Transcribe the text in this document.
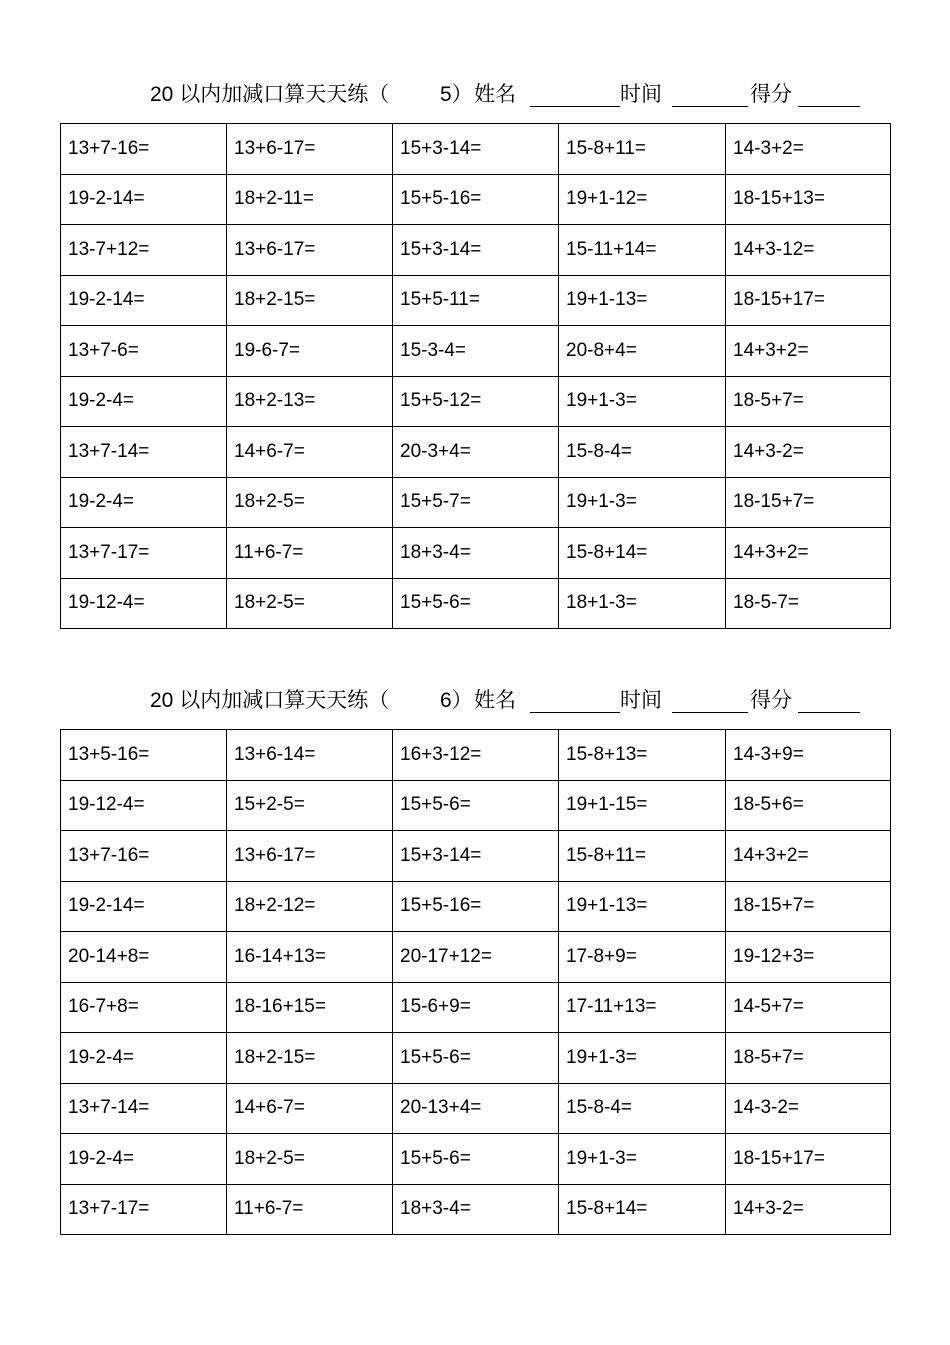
20 以内加减口算天天练（ 5） 姓名	时间	得分
13+7-16=	13+6-17=	15+3-14=	15-8+11=	14-3+2=
19-2-14=	18+2-11=	15+5-16=	19+1-12=	18-15+13=
13-7+12=	13+6-17=	15+3-14=	15-11+14=	14+3-12=
19-2-14=	18+2-15=	15+5-11=	19+1-13=	18-15+17=
13+7-6=	19-6-7=	15-3-4=	20-8+4=	14+3+2=
19-2-4=	18+2-13=	15+5-12=	19+1-3=	18-5+7=
13+7-14=	14+6-7=	20-3+4=	15-8-4=	14+3-2=
19-2-4=	18+2-5=	15+5-7=	19+1-3=	18-15+7=
13+7-17=	11+6-7=	18+3-4=	15-8+14=	14+3+2=
19-12-4=	18+2-5=	15+5-6=	18+1-3=	18-5-7=
20 以内加减口算天天练（ 6） 姓名	时间	得分
13+5-16=	13+6-14=	16+3-12=	15-8+13=	14-3+9=
19-12-4=	15+2-5=	15+5-6=	19+1-15=	18-5+6=
13+7-16=	13+6-17=	15+3-14=	15-8+11=	14+3+2=
19-2-14=	18+2-12=	15+5-16=	19+1-13=	18-15+7=
20-14+8=	16-14+13=	20-17+12=	17-8+9=	19-12+3=
16-7+8=	18-16+15=	15-6+9=	17-11+13=	14-5+7=
19-2-4=	18+2-15=	15+5-6=	19+1-3=	18-5+7=
13+7-14=	14+6-7=	20-13+4=	15-8-4=	14-3-2=
19-2-4=	18+2-5=	15+5-6=	19+1-3=	18-15+17=
13+7-17=	11+6-7=	18+3-4=	15-8+14=	14+3-2=
